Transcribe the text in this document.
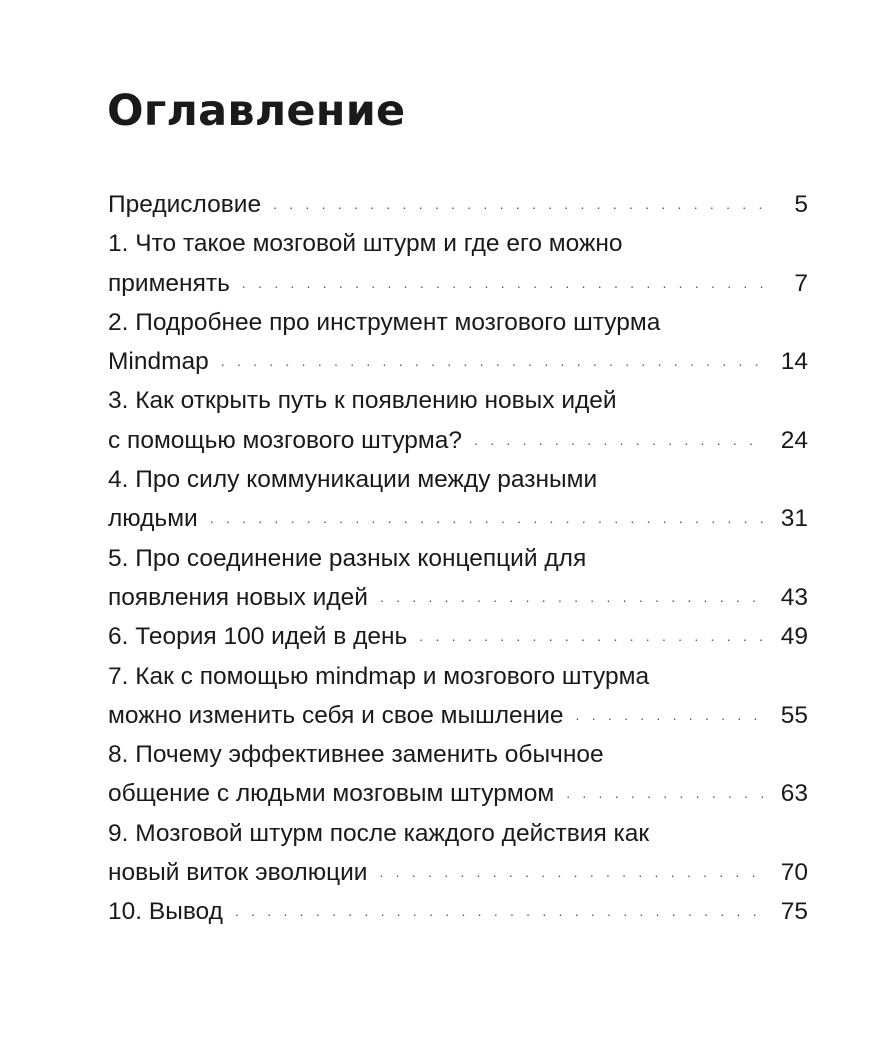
Оглавление
Предисловие . . .	5
1. Что такое мозговой штурм и где его можно
применять . . .	7
2. Подробнее про инструмент мозгового штурма
Mindmap . . .	14
3. Как открыть путь к появлению новых идей
с помощью мозгового штурма? . . .	24
4. Про силу коммуникации между разными
людьми . . .	31
5. Про соединение разных концепций для
появления новых идей . . .	43
6. Теория 100 идей в день . . .	49
7. Как с помощью mindmap и мозгового штурма
можно изменить себя и свое мышление . . .	55
8. Почему эффективнее заменить обычное
общение с людьми мозговым штурмом . . .	63
9. Мозговой штурм после каждого действия как
новый виток эволюции . . .	70
10. Вывод . . .	75
